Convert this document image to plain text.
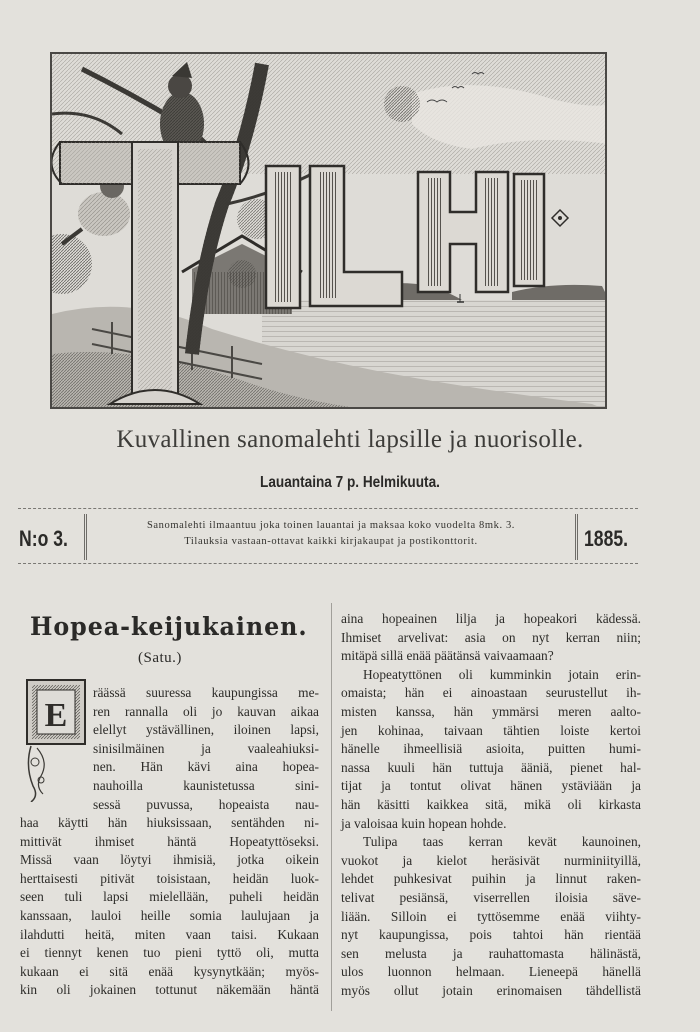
Kuvallinen sanomalehti lapsille ja nuorisolle.
Lauantaina 7 p. Helmikuuta.
N:o 3.
Sanomalehti ilmaantuu joka toinen lauantai ja maksaa koko vuodelta 8mk. 3.
Tilauksia vastaan-ottavat kaikki kirjakaupat ja postikonttorit.	1885.
Hopea-keijukainen.
(Satu.)
E
räässä suuressa kaupungissa me-
ren rannalla oli jo kauvan aikaa
elellyt ystävällinen, iloinen lapsi,
sinisilmäinen ja vaaleahiuksi-
nen. Hän kävi aina hopea-
nauhoilla kaunistetussa sini-
sessä puvussa, hopeaista nau-
haa käytti hän hiuksissaan, sentähden ni-
mittivät ihmiset häntä Hopeatyttöseksi.
Missä vaan löytyi ihmisiä, jotka oikein
herttaisesti pitivät toisistaan, heidän luok-
seen tuli lapsi mielellään, puheli heidän
kanssaan, lauloi heille somia laulujaan ja
ilahdutti heitä, miten vaan taisi. Kukaan
ei tiennyt kenen tuo pieni tyttö oli, mutta
kukaan ei sitä enää kysynytkään; myös-
kin oli jokainen tottunut näkemään häntä
aina hopeainen lilja ja hopeakori kädessä.
Ihmiset arvelivat: asia on nyt kerran niin;
mitäpä sillä enää päätänsä vaivaamaan?
Hopeatyttönen oli kumminkin jotain erin-
omaista; hän ei ainoastaan seurustellut ih-
misten kanssa, hän ymmärsi meren aalto-
jen kohinaa, taivaan tähtien loiste kertoi
hänelle ihmeellisiä asioita, puitten humi-
nassa kuuli hän tuttuja ääniä, pienet hal-
tijat ja tontut olivat hänen ystäviään ja
hän käsitti kaikkea sitä, mikä oli kirkasta
ja valoisaa kuin hopean hohde.
Tulipa taas kerran kevät kaunoinen,
vuokot ja kielot heräsivät nurminiityillä,
lehdet puhkesivat puihin ja linnut raken-
telivat pesiänsä, viserrellen iloisia säve-
liään. Silloin ei tyttösemme enää viihty-
nyt kaupungissa, pois tahtoi hän rientää
sen melusta ja rauhattomasta hälinästä,
ulos luonnon helmaan. Lieneepä hänellä
myös ollut jotain erinomaisen tähdellistä
